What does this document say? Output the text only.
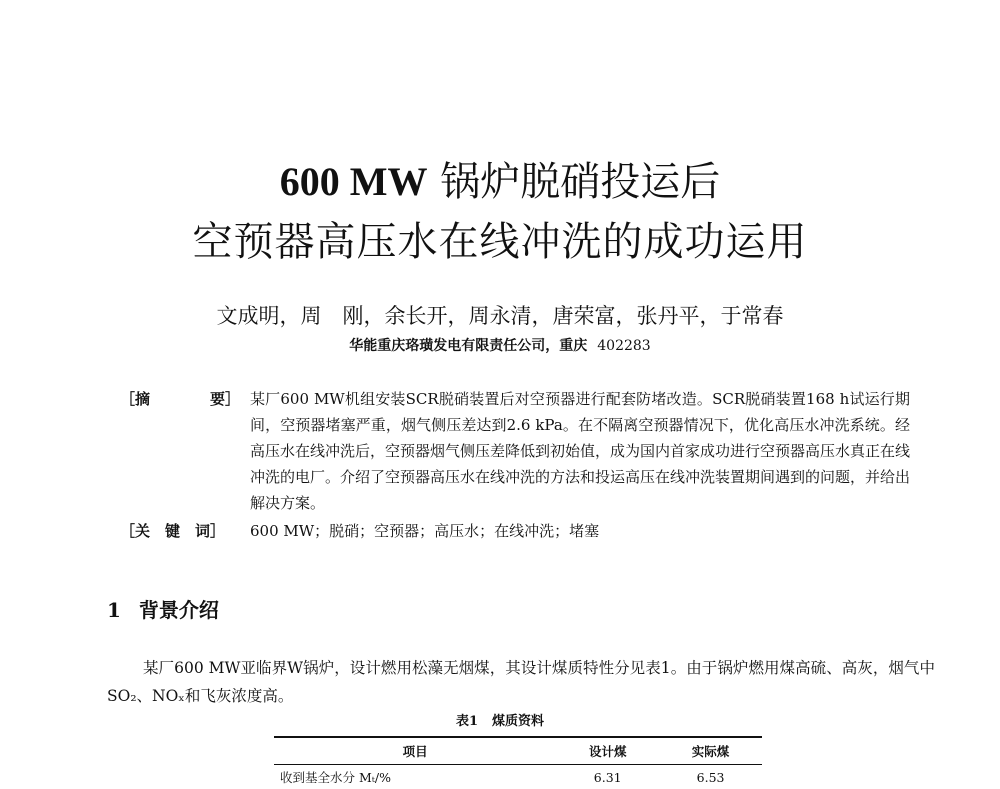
600 MW 锅炉脱硝投运后
空预器高压水在线冲洗的成功运用
文成明，周　刚，余长开，周永清，唐荣富，张丹平，于常春
华能重庆珞璜发电有限责任公司，重庆 402283
［摘　　　　要］ 某厂600 MW机组安装SCR脱硝装置后对空预器进行配套防堵改造。SCR脱硝装置168 h试运行期间，空预器堵塞严重，烟气侧压差达到2.6 kPa。在不隔离空预器情况下，优化高压水冲洗系统。经高压水在线冲洗后，空预器烟气侧压差降低到初始值，成为国内首家成功进行空预器高压水真正在线冲洗的电厂。介绍了空预器高压水在线冲洗的方法和投运高压在线冲洗装置期间遇到的问题，并给出解决方案。
［关　键　词］	600 MW；脱硝；空预器；高压水；在线冲洗；堵塞
1 背景介绍

某厂600 MW亚临界W锅炉，设计燃用松藻无烟煤，其设计煤质特性分见表1。由于锅炉燃用煤高硫、高灰，烟气中SO₂、NOₓ和飞灰浓度高。

表1 煤质资料
项目	设计煤	实际煤
收到基全水分 Mₜ/%	6.31	6.53
